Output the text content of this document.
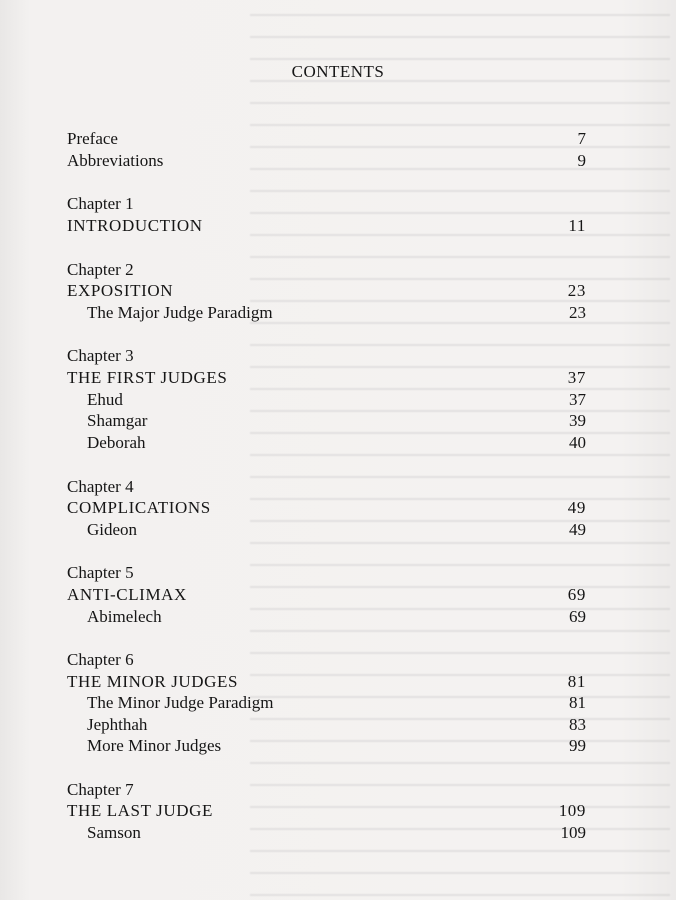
CONTENTS
Preface	7
Abbreviations	9
Chapter 1
INTRODUCTION	11
Chapter 2
EXPOSITION	23
The Major Judge Paradigm	23
Chapter 3
THE FIRST JUDGES	37
Ehud	37
Shamgar	39
Deborah	40
Chapter 4
COMPLICATIONS	49
Gideon	49
Chapter 5
ANTI-CLIMAX	69
Abimelech	69
Chapter 6
THE MINOR JUDGES	81
The Minor Judge Paradigm	81
Jephthah	83
More Minor Judges	99
Chapter 7
THE LAST JUDGE	109
Samson	109
